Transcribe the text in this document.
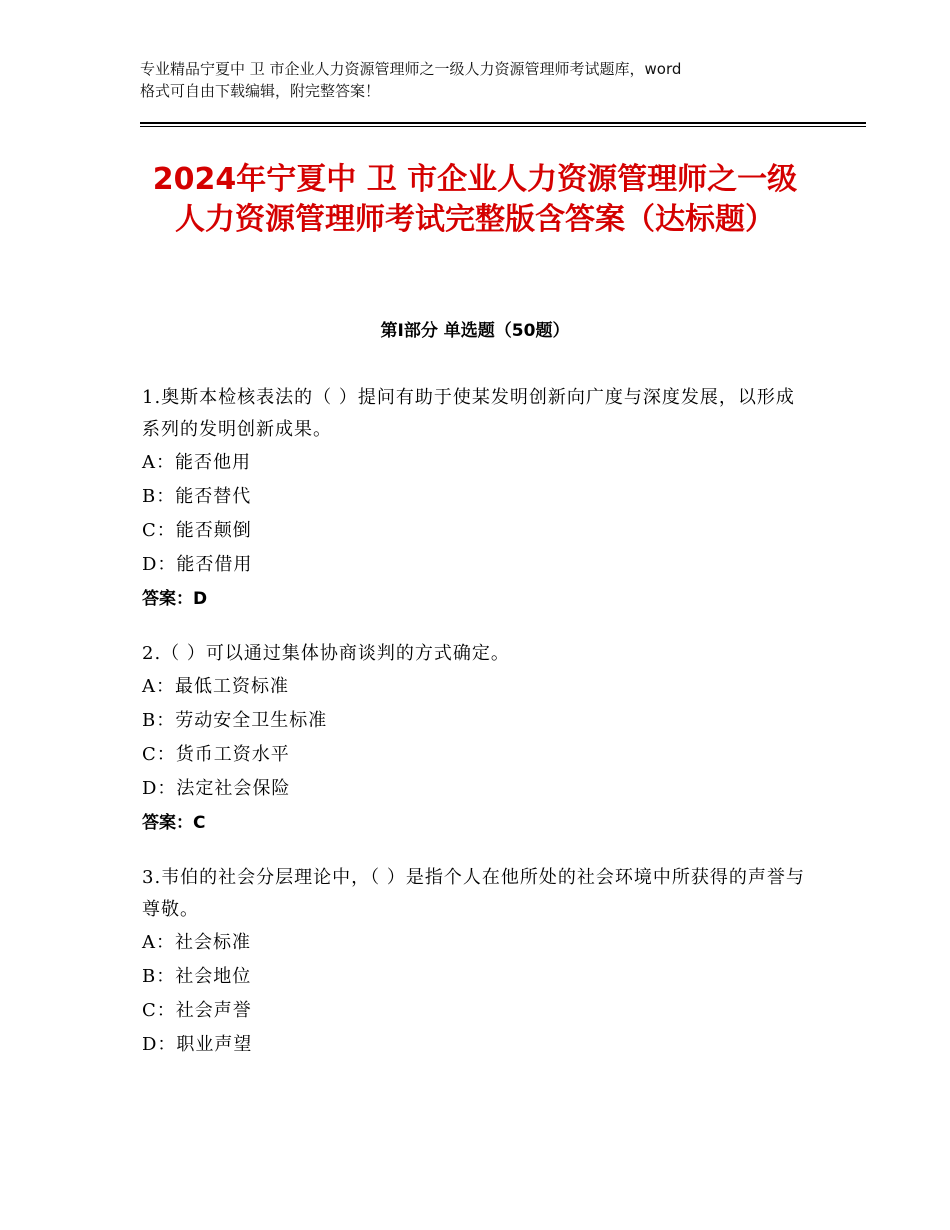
专业精品宁夏中 卫 市企业人力资源管理师之一级人力资源管理师考试题库，word
格式可自由下载编辑，附完整答案！
2024年宁夏中 卫 市企业人力资源管理师之一级人力资源管理师考试完整版含答案（达标题）
第Ⅰ部分 单选题（50题）
1.奥斯本检核表法的（ ）提问有助于使某发明创新向广度与深度发展，以形成系列的发明创新成果。
A：能否他用
B：能否替代
C：能否颠倒
D：能否借用
答案：D
2.（ ）可以通过集体协商谈判的方式确定。
A：最低工资标准
B：劳动安全卫生标准
C：货币工资水平
D：法定社会保险
答案：C
3.韦伯的社会分层理论中，（ ）是指个人在他所处的社会环境中所获得的声誉与尊敬。
A：社会标准
B：社会地位
C：社会声誉
D：职业声望
